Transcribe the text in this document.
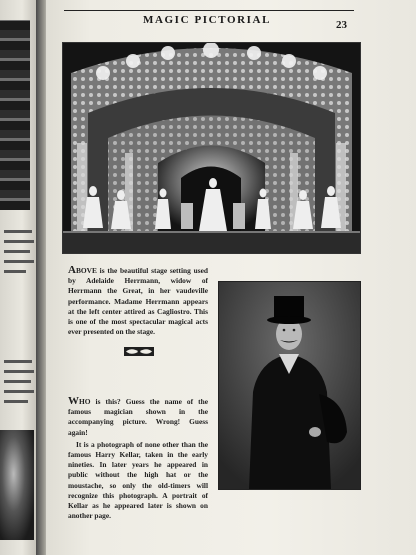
MAGIC PICTORIAL	23

ABOVE is the beautiful stage setting used by Adelaide Herrmann, widow of Herrmann the Great, in her vaudeville performance. Madame Herrmann appears at the left center attired as Cagliostro. This is one of the most spectacular magical acts ever presented on the stage.

WHO is this? Guess the name of the famous magician shown in the accompanying picture. Wrong! Guess again!

It is a photograph of none other than the famous Harry Kellar, taken in the early nineties. In later years he appeared in public without the high hat or the moustache, so only the old-timers will recognize this photograph. A portrait of Kellar as he appeared later is shown on another page.
